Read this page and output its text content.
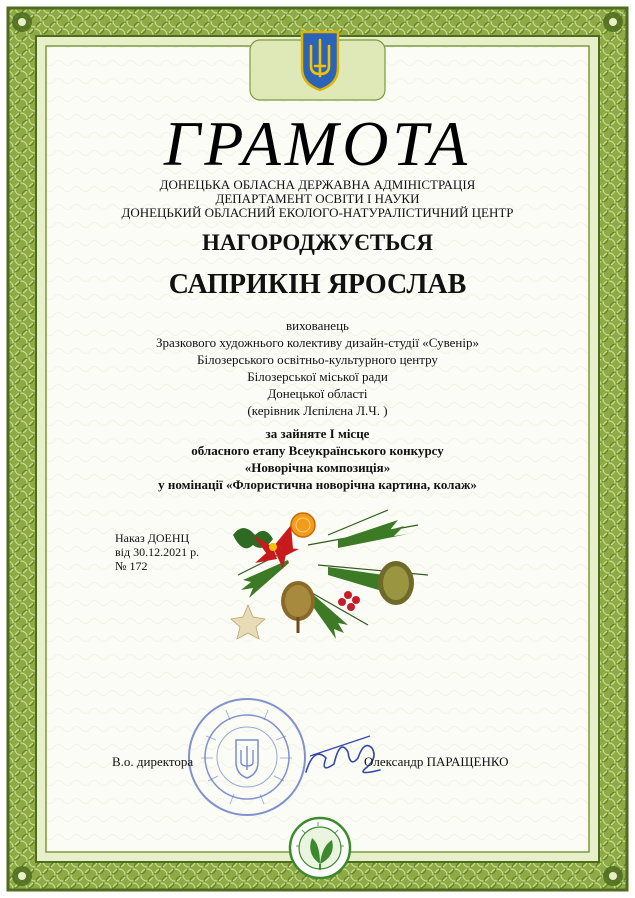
ГРАМОТА
ДОНЕЦЬКА ОБЛАСНА ДЕРЖАВНА АДМІНІСТРАЦІЯ
ДЕПАРТАМЕНТ ОСВІТИ І НАУКИ
ДОНЕЦЬКИЙ ОБЛАСНИЙ ЕКОЛОГО-НАТУРАЛІСТИЧНИЙ ЦЕНТР
НАГОРОДЖУЄТЬСЯ
САПРИКІН ЯРОСЛАВ
вихованець
Зразкового художнього колективу дизайн-студії «Сувенір»
Білозерського освітньо-культурного центру
Білозерської міської ради
Донецької області
(керівник Лєпілєна Л.Ч. )
за зайняте І місце
обласного етапу Всеукраїнського конкурсу
«Новорічна композиція»
у номінації «Флористична новорічна картина, колаж»
Наказ ДОЕНЦ
від 30.12.2021 р.
№ 172
В.о. директора	Олександр ПАРАЩЕНКО
